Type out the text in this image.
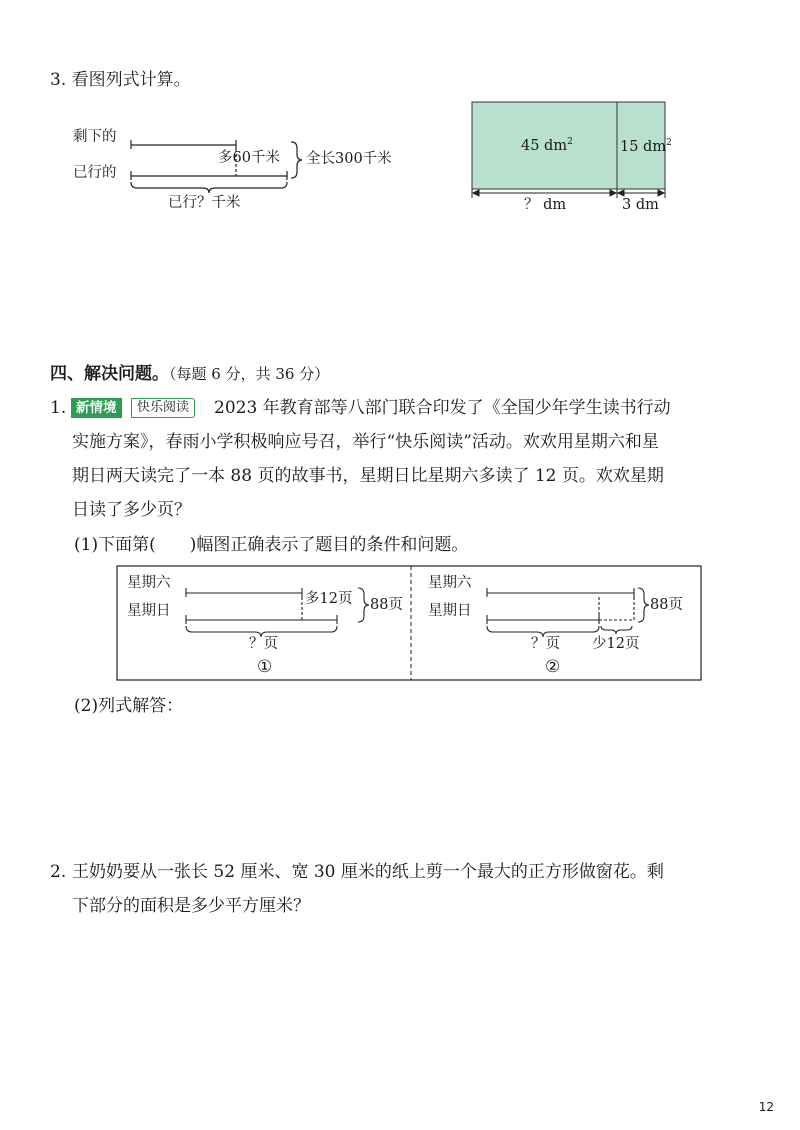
3. 看图列式计算。
剩下的
已行的
多60千米 全长300千米
已行？千米
45 $dm^2$	15 $dm^2$
？ dm	3 dm
四、解决问题。（每题 6 分，共 36 分）
1. 新情境	快乐阅读	2023 年教育部等八部门联合印发了《全国少年学生读书行动
实施方案》，春雨小学积极响应号召，举行“快乐阅读”活动。欢欢用星期六和星
期日两天读完了一本 88 页的故事书，星期日比星期六多读了 12 页。欢欢星期
日读了多少页？
(1)下面第(　　)幅图正确表示了题目的条件和问题。
星期六
星期日
多12页 88页
？页
①
星期六
星期日	88页
？页 少12页
②
(2)列式解答：
2. 王奶奶要从一张长 52 厘米、宽 30 厘米的纸上剪一个最大的正方形做窗花。剩
下部分的面积是多少平方厘米？
12
